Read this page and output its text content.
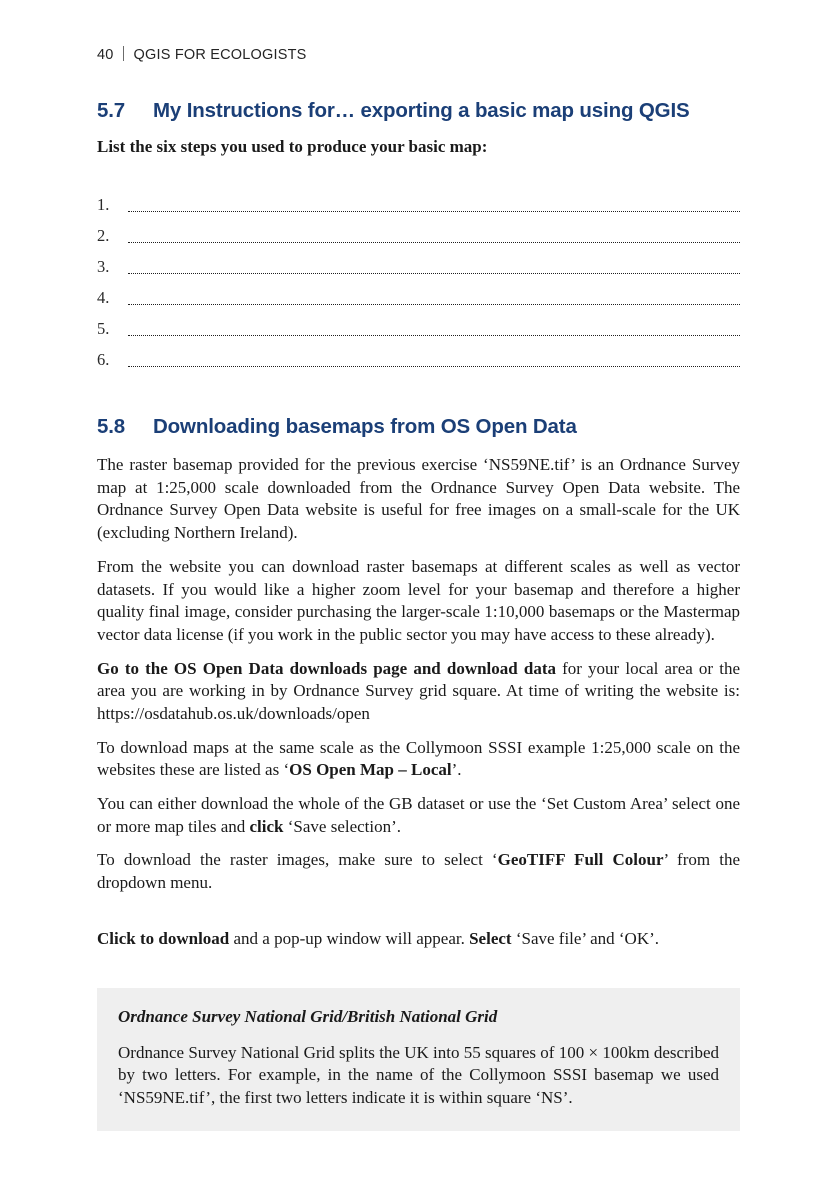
40 QGIS FOR ECOLOGISTS
5.7	My Instructions for… exporting a basic map using QGIS

List the six steps you used to produce your basic map:

1.
2.
3.
4.
5.
6.
5.8	Downloading basemaps from OS Open Data

The raster basemap provided for the previous exercise ‘NS59NE.tif’ is an Ordnance Survey map at 1:25,000 scale downloaded from the Ordnance Survey Open Data website. The Ordnance Survey Open Data website is useful for free images on a small-scale for the UK (excluding Northern Ireland).

From the website you can download raster basemaps at different scales as well as vector datasets. If you would like a higher zoom level for your basemap and therefore a higher quality final image, consider purchasing the larger-scale 1:10,000 basemaps or the Mastermap vector data license (if you work in the public sector you may have access to these already).

Go to the OS Open Data downloads page and download data for your local area or the area you are working in by Ordnance Survey grid square. At time of writing the website is: https://osdatahub.os.uk/downloads/open

To download maps at the same scale as the Collymoon SSSI example 1:25,000 scale on the websites these are listed as ‘OS Open Map – Local’.

You can either download the whole of the GB dataset or use the ‘Set Custom Area’ select one or more map tiles and click ‘Save selection’.

To download the raster images, make sure to select ‘GeoTIFF Full Colour’ from the dropdown menu.

Click to download and a pop-up window will appear. Select ‘Save file’ and ‘OK’.

Ordnance Survey National Grid/British National Grid

Ordnance Survey National Grid splits the UK into 55 squares of 100 × 100km described by two letters. For example, in the name of the Collymoon SSSI basemap we used ‘NS59NE.tif’, the first two letters indicate it is within square ‘NS’.
